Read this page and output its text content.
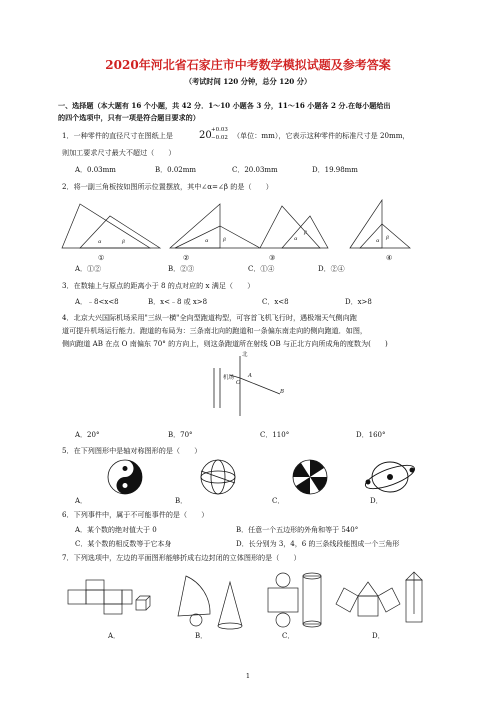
2020年河北省石家庄市中考数学模拟试题及参考答案
（考试时间 120 分钟，总分 120 分）
一、选择题（本大题有 16 个小题，共 42 分．1～10 小题各 3 分，11～16 小题各 2 分.在每小题给出
的四个选项中，只有一项是符合题目要求的）
1．一种零件的直径尺寸在图纸上是	20 +0.03
−0.02 （单位：mm），它表示这种零件的标准尺寸是 20mm，
则加工要求尺寸最大不超过（　　）
A．0.03mm	B．0.02mm	C．20.03mm	D．19.98mm
2．将一副三角板按如图所示位置摆放，其中∠α=∠β 的是（　　）
α	β	α	β	α
β
α β
①	②	③	④
A．①②	B．②③	C．①④	D．②④
3．在数轴上与原点的距离小于 8 的点对应的 x 满足（　　）
A．﹣8<x<8	B．x<﹣8 或 x>8	C．x<8	D．x>8
4．北京大兴国际机场采用"三纵一横"全向型跑道构型，可容首飞机飞行时，遇极端天气侧向跑
道可提升机场运行能力．跑道的布局为：三条南北向的跑道和一条偏东南走向的侧向跑道．如图，
侧向跑道 AB 在点 O 南偏东 70° 的方向上，则这条跑道所在射线 OB 与正北方向所成角的度数为(　　)
北
机场
O
A
B
A．20°	B．70°	C．110°	D．160°
5．在下列图形中是轴对称图形的是（　　）
A．	B．	C．	D．
6．下列事件中，属于不可能事件的是（　　）
A．某个数的绝对值大于 0	B．任意一个五边形的外角和等于 540°
C．某个数的相反数等于它本身	D．长分别为 3，4，6 的三条线段能围成一个三角形
7．下列选项中，左边的平面图形能够折成右边封闭的立体图形的是（　　）
A．	B．	C．	D．
1
